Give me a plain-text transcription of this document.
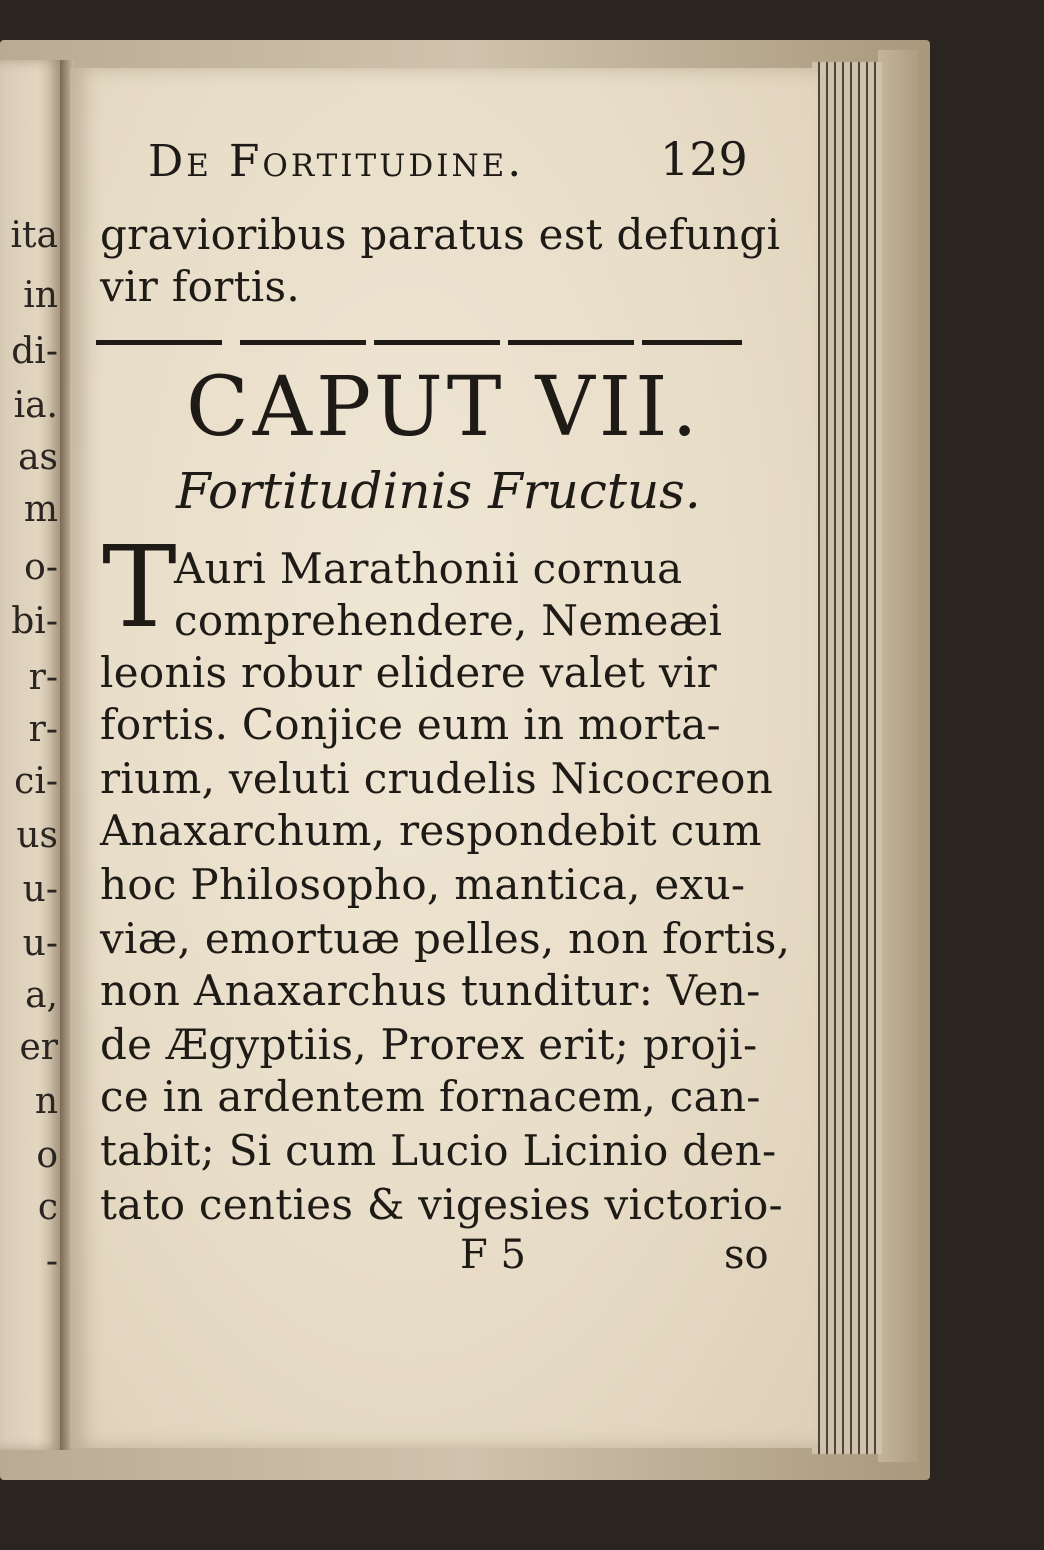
ita
in
di-
ia.
as
m
o-
bi-
r-
r-
ci-
us
u-
u-
a,
er
n
o
c
-
De Fortitudine.	129
gravioribus paratus est defungi
vir fortis.
CAPUT VII.
Fortitudinis Fructus.
T
Auri Marathonii cornua
comprehendere, Nemeæi
leonis robur elidere valet vir
fortis. Conjice eum in morta-
rium, veluti crudelis Nicocreon
Anaxarchum, respondebit cum
hoc Philosopho, mantica, exu-
viæ, emortuæ pelles, non fortis,
non Anaxarchus tunditur: Ven-
de Ægyptiis, Prorex erit; proji-
ce in ardentem fornacem, can-
tabit; Si cum Lucio Licinio den-
tato centies & vigesies victorio-
F 5	so
